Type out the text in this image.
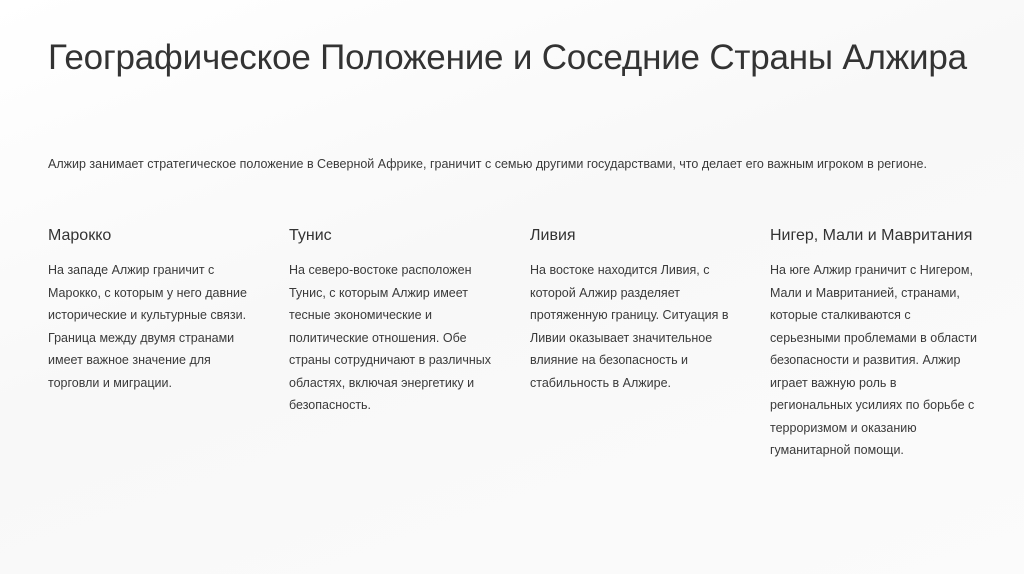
Географическое Положение и Соседние Страны Алжира

Алжир занимает стратегическое положение в Северной Африке, граничит с семью другими государствами, что делает его важным игроком в регионе.

Марокко

На западе Алжир граничит с Марокко, с которым у него давние исторические и культурные связи. Граница между двумя странами имеет важное значение для торговли и миграции.

Тунис

На северо-востоке расположен Тунис, с которым Алжир имеет тесные экономические и политические отношения. Обе страны сотрудничают в различных областях, включая энергетику и безопасность.

Ливия

На востоке находится Ливия, с которой Алжир разделяет протяженную границу. Ситуация в Ливии оказывает значительное влияние на безопасность и стабильность в Алжире.

Нигер, Мали и Мавритания

На юге Алжир граничит с Нигером, Мали и Мавританией, странами, которые сталкиваются с серьезными проблемами в области безопасности и развития. Алжир играет важную роль в региональных усилиях по борьбе с терроризмом и оказанию гуманитарной помощи.
